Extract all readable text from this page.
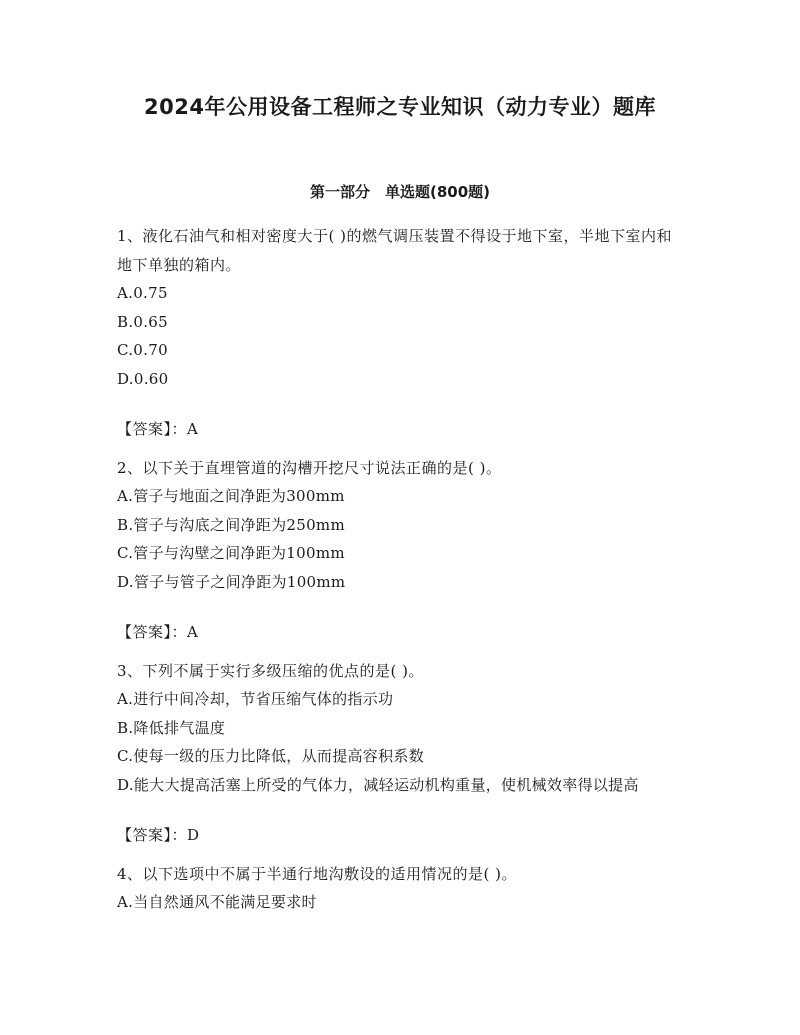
2024年公用设备工程师之专业知识（动力专业）题库
第一部分　单选题(800题)

1、液化石油气和相对密度大于( )的燃气调压装置不得设于地下室，半地下室内和地下单独的箱内。

A.0.75

B.0.65

C.0.70

D.0.60

【答案】：A

2、以下关于直埋管道的沟槽开挖尺寸说法正确的是( )。

A.管子与地面之间净距为300mm

B.管子与沟底之间净距为250mm

C.管子与沟壁之间净距为100mm

D.管子与管子之间净距为100mm

【答案】：A

3、下列不属于实行多级压缩的优点的是( )。

A.进行中间冷却，节省压缩气体的指示功

B.降低排气温度

C.使每一级的压力比降低，从而提高容积系数

D.能大大提高活塞上所受的气体力，减轻运动机构重量，使机械效率得以提高

【答案】：D

4、以下选项中不属于半通行地沟敷设的适用情况的是( )。

A.当自然通风不能满足要求时
